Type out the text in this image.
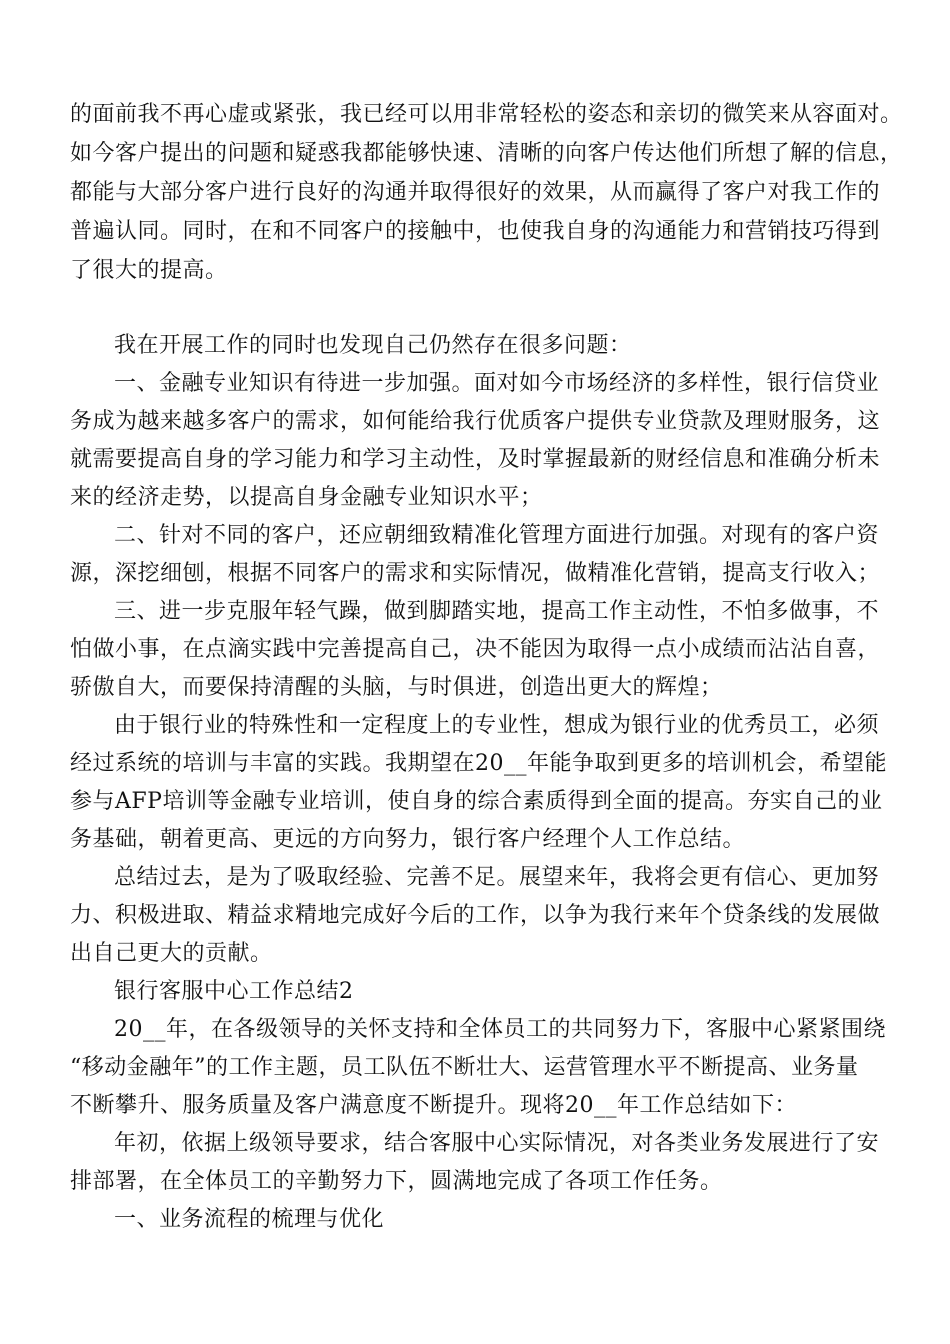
的面前我不再心虚或紧张，我已经可以用非常轻松的姿态和亲切的微笑来从容面对。
如今客户提出的问题和疑惑我都能够快速、清晰的向客户传达他们所想了解的信息，
都能与大部分客户进行良好的沟通并取得很好的效果，从而赢得了客户对我工作的
普遍认同。同时，在和不同客户的接触中，也使我自身的沟通能力和营销技巧得到
了很大的提高。
我在开展工作的同时也发现自己仍然存在很多问题：
一、金融专业知识有待进一步加强。面对如今市场经济的多样性，银行信贷业
务成为越来越多客户的需求，如何能给我行优质客户提供专业贷款及理财服务，这
就需要提高自身的学习能力和学习主动性，及时掌握最新的财经信息和准确分析未
来的经济走势，以提高自身金融专业知识水平；
二、针对不同的客户，还应朝细致精准化管理方面进行加强。对现有的客户资
源，深挖细刨，根据不同客户的需求和实际情况，做精准化营销，提高支行收入；
三、进一步克服年轻气躁，做到脚踏实地，提高工作主动性，不怕多做事，不
怕做小事，在点滴实践中完善提高自己，决不能因为取得一点小成绩而沾沾自喜，
骄傲自大，而要保持清醒的头脑，与时俱进，创造出更大的辉煌；
由于银行业的特殊性和一定程度上的专业性，想成为银行业的优秀员工，必须
经过系统的培训与丰富的实践。我期望在20__年能争取到更多的培训机会，希望能
参与AFP培训等金融专业培训，使自身的综合素质得到全面的提高。夯实自己的业
务基础，朝着更高、更远的方向努力，银行客户经理个人工作总结。
总结过去，是为了吸取经验、完善不足。展望来年，我将会更有信心、更加努
力、积极进取、精益求精地完成好今后的工作，以争为我行来年个贷条线的发展做
出自己更大的贡献。
银行客服中心工作总结2
20__年，在各级领导的关怀支持和全体员工的共同努力下，客服中心紧紧围绕
“移动金融年”的工作主题，员工队伍不断壮大、运营管理水平不断提高、业务量
不断攀升、服务质量及客户满意度不断提升。现将20__年工作总结如下：
年初，依据上级领导要求，结合客服中心实际情况，对各类业务发展进行了安
排部署，在全体员工的辛勤努力下，圆满地完成了各项工作任务。
一、业务流程的梳理与优化
